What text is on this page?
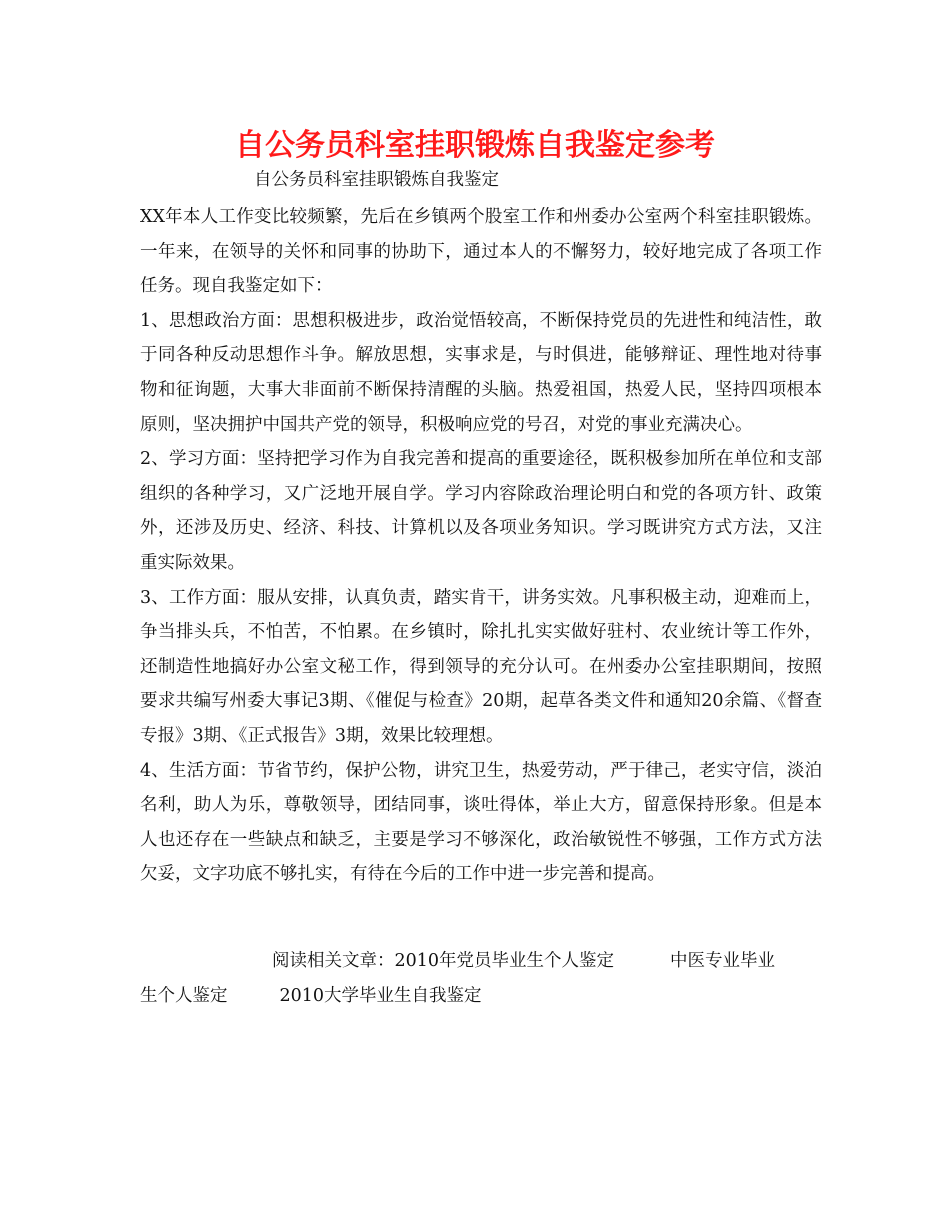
自公务员科室挂职锻炼自我鉴定参考
自公务员科室挂职锻炼自我鉴定

XX年本人工作变比较频繁，先后在乡镇两个股室工作和州委办公室两个科室挂职锻炼。一年来，在领导的关怀和同事的协助下，通过本人的不懈努力，较好地完成了各项工作任务。现自我鉴定如下：

1、思想政治方面：思想积极进步，政治觉悟较高，不断保持党员的先进性和纯洁性，敢于同各种反动思想作斗争。解放思想，实事求是，与时俱进，能够辩证、理性地对待事物和征询题，大事大非面前不断保持清醒的头脑。热爱祖国，热爱人民，坚持四项根本原则，坚决拥护中国共产党的领导，积极响应党的号召，对党的事业充满决心。

2、学习方面：坚持把学习作为自我完善和提高的重要途径，既积极参加所在单位和支部组织的各种学习，又广泛地开展自学。学习内容除政治理论明白和党的各项方针、政策外，还涉及历史、经济、科技、计算机以及各项业务知识。学习既讲究方式方法，又注重实际效果。

3、工作方面：服从安排，认真负责，踏实肯干，讲务实效。凡事积极主动，迎难而上，争当排头兵，不怕苦，不怕累。在乡镇时，除扎扎实实做好驻村、农业统计等工作外，还制造性地搞好办公室文秘工作，得到领导的充分认可。在州委办公室挂职期间，按照要求共编写州委大事记3期、《催促与检查》20期，起草各类文件和通知20余篇、《督查专报》3期、《正式报告》3期，效果比较理想。

4、生活方面：节省节约，保护公物，讲究卫生，热爱劳动，严于律己，老实守信，淡泊名利，助人为乐，尊敬领导，团结同事，谈吐得体，举止大方，留意保持形象。但是本人也还存在一些缺点和缺乏，主要是学习不够深化，政治敏锐性不够强，工作方式方法欠妥，文字功底不够扎实，有待在今后的工作中进一步完善和提高。

阅读相关文章：2010年党员毕业生个人鉴定	中医专业毕业
生个人鉴定	2010大学毕业生自我鉴定
